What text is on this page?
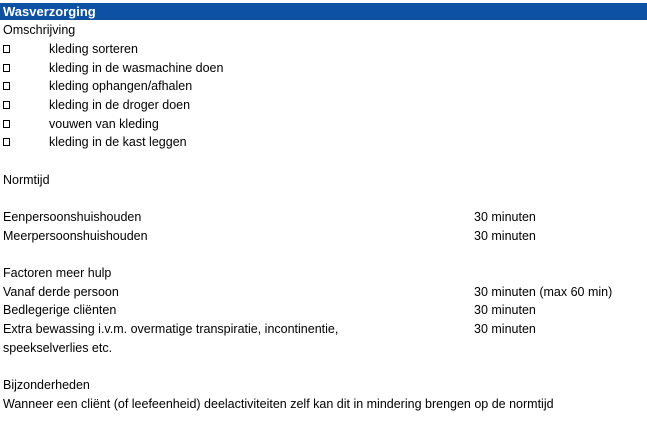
Wasverzorging
Omschrijving
kleding sorteren
kleding in de wasmachine doen
kleding ophangen/afhalen
kleding in de droger doen
vouwen van kleding
kleding in de kast leggen
Normtijd
Eenpersoonshuishouden	30 minuten
Meerpersoonshuishouden	30 minuten
Factoren meer hulp
Vanaf derde persoon	30 minuten (max 60 min)
Bedlegerige cliënten	30 minuten
Extra bewassing i.v.m. overmatige transpiratie, incontinentie,	30 minuten
speekselverlies etc.
Bijzonderheden
Wanneer een cliënt (of leefeenheid) deelactiviteiten zelf kan dit in mindering brengen op de normtijd
